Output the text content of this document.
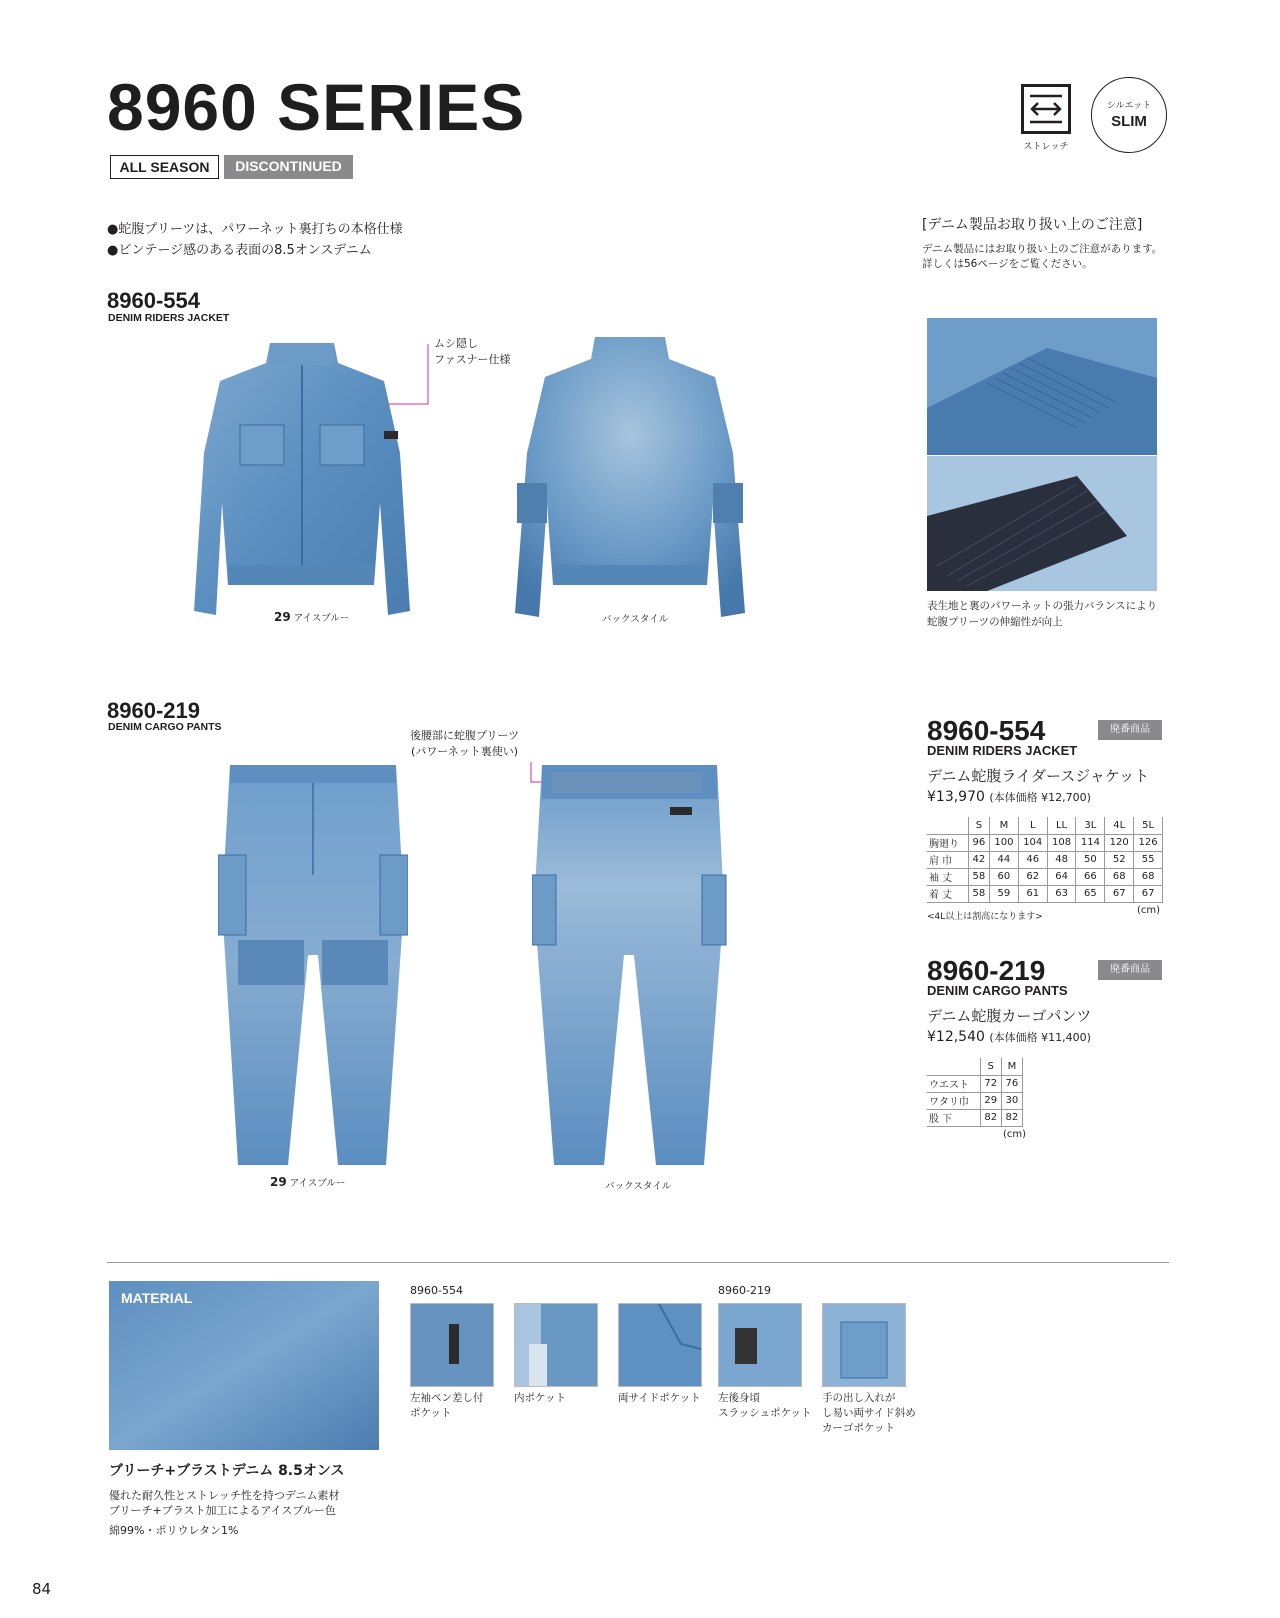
8960 SERIES
ALL SEASON	DISCONTINUED
ストレッチ
シルエット
SLIM
●蛇腹プリーツは、パワーネット裏打ちの本格仕様
●ビンテージ感のある表面の8.5オンスデニム
[デニム製品お取り扱い上のご注意]
デニム製品にはお取り扱い上のご注意があります。
詳しくは56ページをご覧ください。
8960-554
DENIM RIDERS JACKET
ムシ隠し
ファスナー仕様
29 アイスブルー	バックスタイル
表生地と裏のパワーネットの張力バランスにより
蛇腹プリーツの伸縮性が向上
8960-219
DENIM CARGO PANTS
後腰部に蛇腹プリーツ
(パワーネット裏使い)
29 アイスブルー	バックスタイル
8960-554	廃番商品
DENIM RIDERS JACKET
デニム蛇腹ライダースジャケット
¥13,970 (本体価格 ¥12,700)
	S	M	L	LL	3L	4L	5L
胸廻り	96	100	104	108	114	120	126
肩 巾	42	44	46	48	50	52	55
袖 丈	58	60	62	64	66	68	68
着 丈	58	59	61	63	65	67	67
<4L以上は割高になります>
(cm)
8960-219	廃番商品
DENIM CARGO PANTS
デニム蛇腹カーゴパンツ
¥12,540 (本体価格 ¥11,400)
	S	M
ウエスト	72	76
ワタリ巾	29	30
股 下	82	82
(cm)
MATERIAL
ブリーチ+ブラストデニム 8.5オンス
優れた耐久性とストレッチ性を持つデニム素材
ブリーチ+ブラスト加工によるアイスブルー色
綿99%・ポリウレタン1%
8960-554	8960-219
左袖ペン差し付
ポケット
内ポケット	両サイドポケット 左後身頃
スラッシュポケット
手の出し入れが
し易い両サイド斜め
カーゴポケット
84
